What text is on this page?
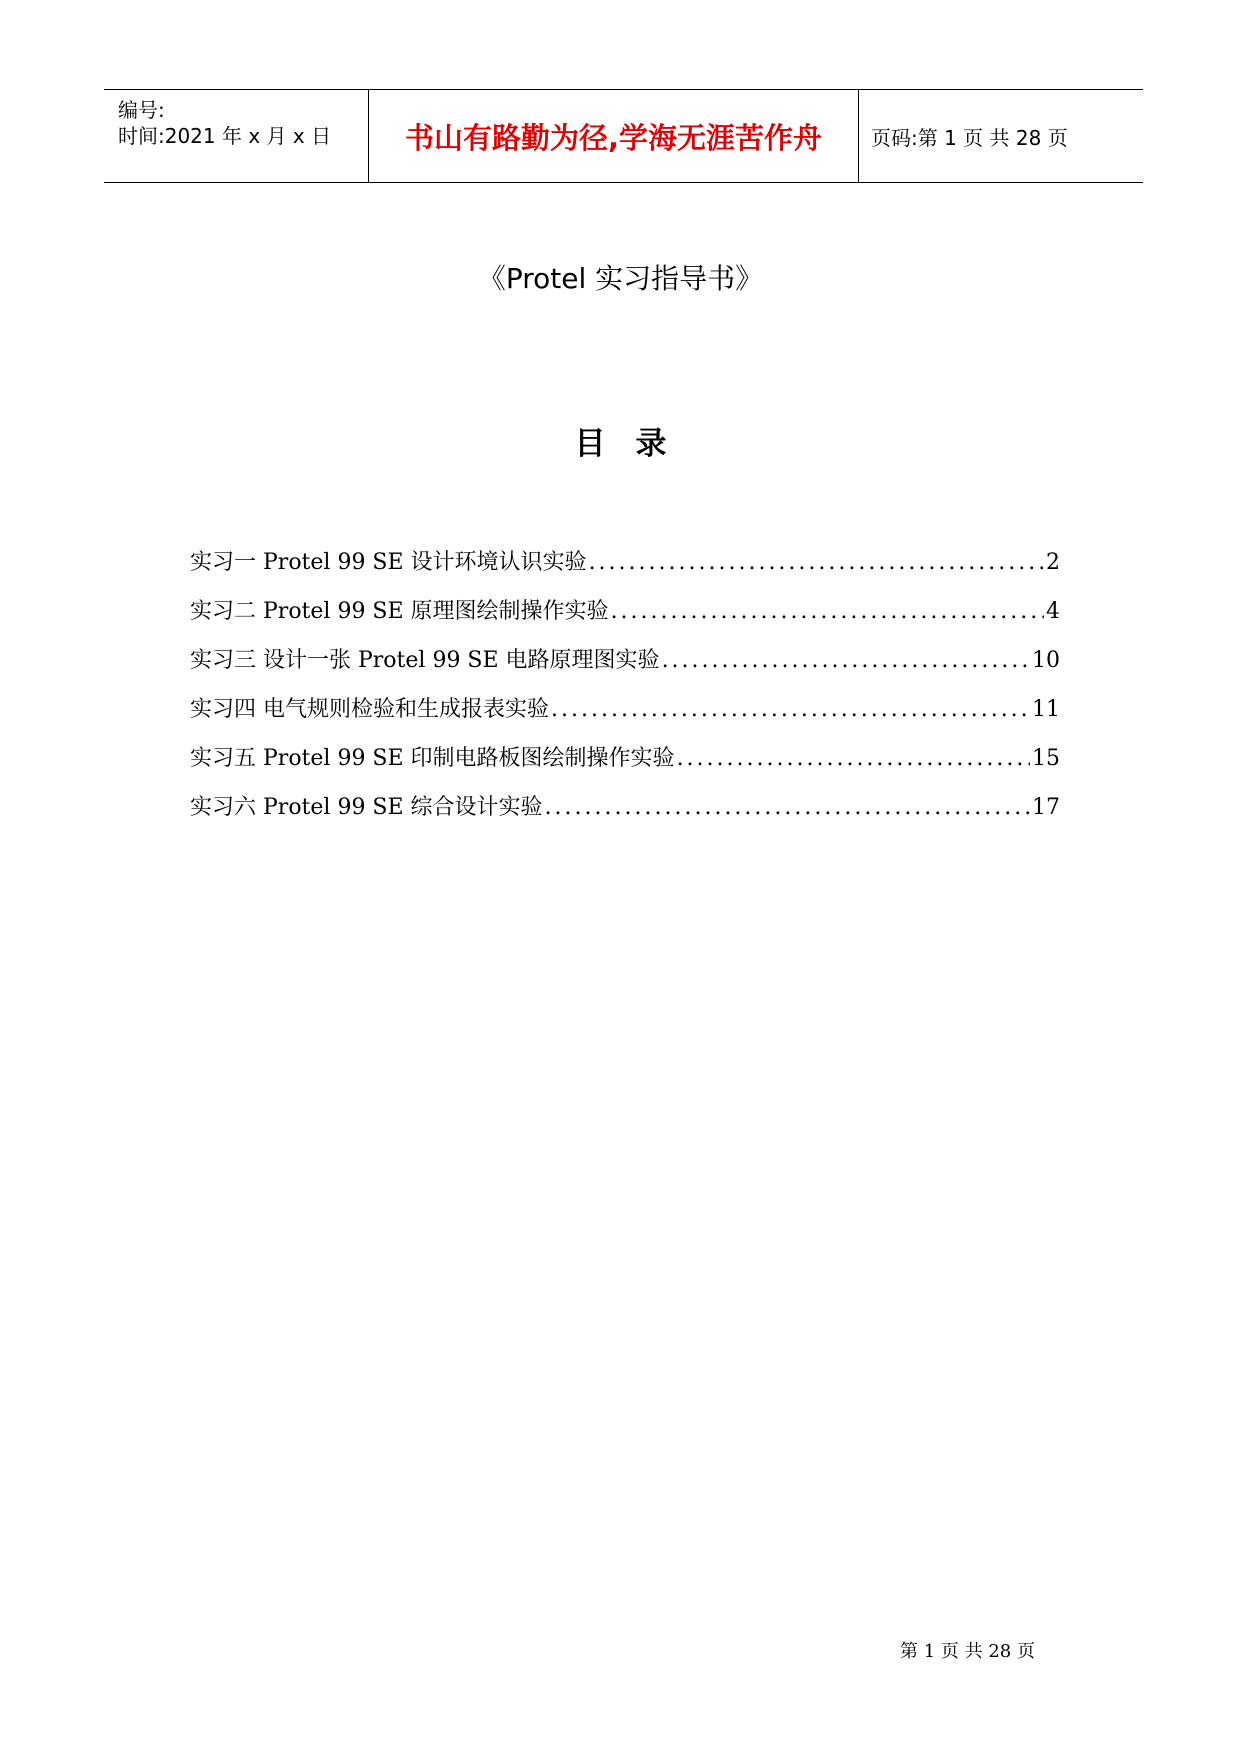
编号:
时间:2021 年 x 月 x 日	书山有路勤为径,学海无涯苦作舟 页码:第 1 页 共 28 页
《Protel 实习指导书》
目录
实习一 Protel 99 SE 设计环境认识实验 .....	2
实习二 Protel 99 SE 原理图绘制操作实验 .....	4
实习三 设计一张 Protel 99 SE 电路原理图实验 .....	10
实习四 电气规则检验和生成报表实验 .....	11
实习五 Protel 99 SE 印制电路板图绘制操作实验 .....	15
实习六 Protel 99 SE 综合设计实验 .....	17
第 1 页 共 28 页
